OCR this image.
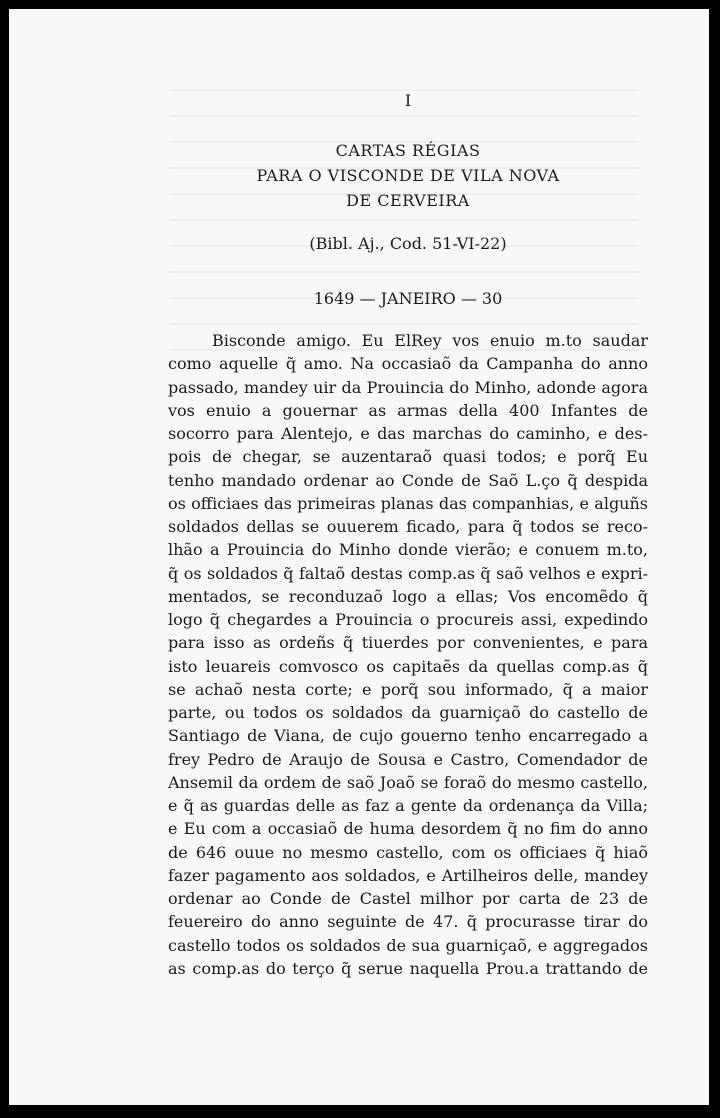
I

CARTAS RÉGIAS
PARA O VISCONDE DE VILA NOVA
DE CERVEIRA

(Bibl. Aj., Cod. 51-VI-22)

1649 — JANEIRO — 30

Bisconde amigo. Eu ElRey vos enuio m.to saudar
como aquelle q̃ amo. Na occasiaõ da Campanha do anno
passado, mandey uir da Prouincia do Minho, adonde agora
vos enuio a gouernar as armas della 400 Infantes de
socorro para Alentejo, e das marchas do caminho, e des-
pois de chegar, se auzentaraõ quasi todos; e porq̃ Eu
tenho mandado ordenar ao Conde de Saõ L.ço q̃ despida
os officiaes das primeiras planas das companhias, e alguñs
soldados dellas se ouuerem ficado, para q̃ todos se reco-
lhão a Prouincia do Minho donde vierão; e conuem m.to,
q̃ os soldados q̃ faltaõ destas comp.as q̃ saõ velhos e expri-
mentados, se reconduzaõ logo a ellas; Vos encomẽdo q̃
logo q̃ chegardes a Prouincia o procureis assi, expedindo
para isso as ordeñs q̃ tiuerdes por convenientes, e para
isto leuareis comvosco os capitaẽs da quellas comp.as q̃
se achaõ nesta corte; e porq̃ sou informado, q̃ a maior
parte, ou todos os soldados da guarniçaõ do castello de
Santiago de Viana, de cujo gouerno tenho encarregado a
frey Pedro de Araujo de Sousa e Castro, Comendador de
Ansemil da ordem de saõ Joaõ se foraõ do mesmo castello,
e q̃ as guardas delle as faz a gente da ordenança da Villa;
e Eu com a occasiaõ de huma desordem q̃ no fim do anno
de 646 ouue no mesmo castello, com os officiaes q̃ hiaõ
fazer pagamento aos soldados, e Artilheiros delle, mandey
ordenar ao Conde de Castel milhor por carta de 23 de
feuereiro do anno seguinte de 47. q̃ procurasse tirar do
castello todos os soldados de sua guarniçaõ, e aggregados
as comp.as do terço q̃ serue naquella Prou.a trattando de
